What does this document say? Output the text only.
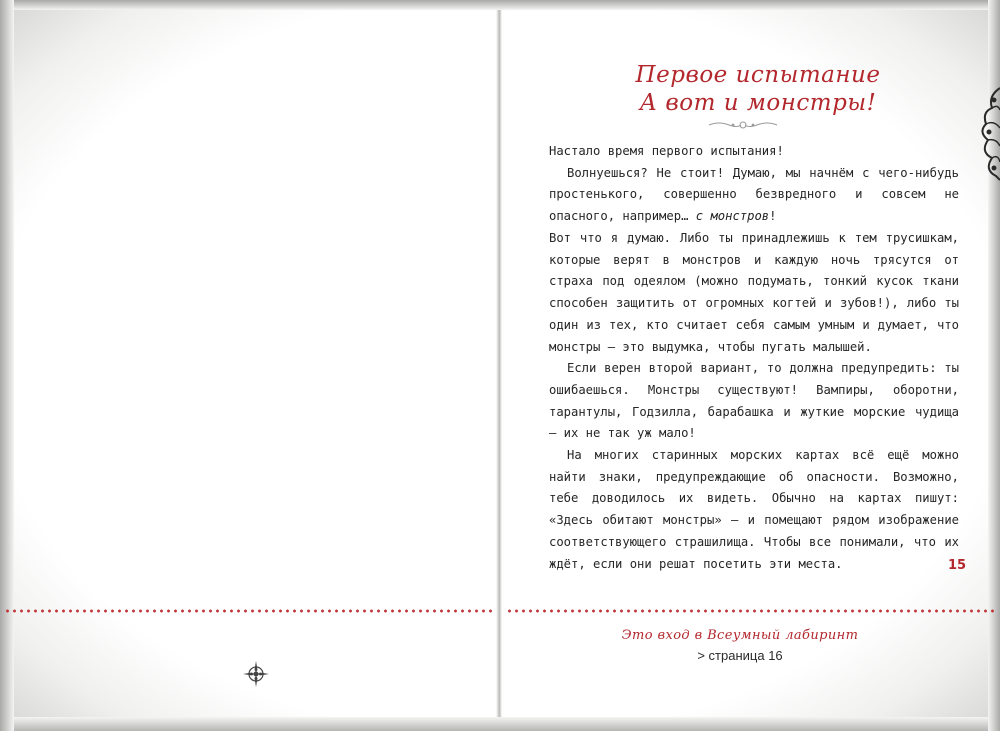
Первое испытание
А вот и монстры!

Настало время первого испытания!

Волнуешься? Не стоит! Думаю, мы начнём с чего-нибудь простенького, совершенно безвредного и совсем не опасного, например… с монстров!

Вот что я думаю. Либо ты принадлежишь к тем трусишкам, которые верят в монстров и каждую ночь трясутся от страха под одеялом (можно подумать, тонкий кусок ткани способен защитить от огромных когтей и зубов!), либо ты один из тех, кто считает себя самым умным и думает, что монстры — это выдумка, чтобы пугать малышей.

Если верен второй вариант, то должна предупредить: ты ошибаешься. Монстры существуют! Вампиры, оборотни, тарантулы, Годзилла, барабашка и жуткие морские чудища — их не так уж мало!

На многих старинных морских картах всё ещё можно найти знаки, предупреждающие об опасности. Возможно, тебе доводилось их видеть. Обычно на картах пишут: «Здесь обитают монстры» — и помещают рядом изображение соответствующего страшилища. Чтобы все понимали, что их ждёт, если они решат посетить эти места.	15
Это вход в Всеумный лабиринт
> страница 16
